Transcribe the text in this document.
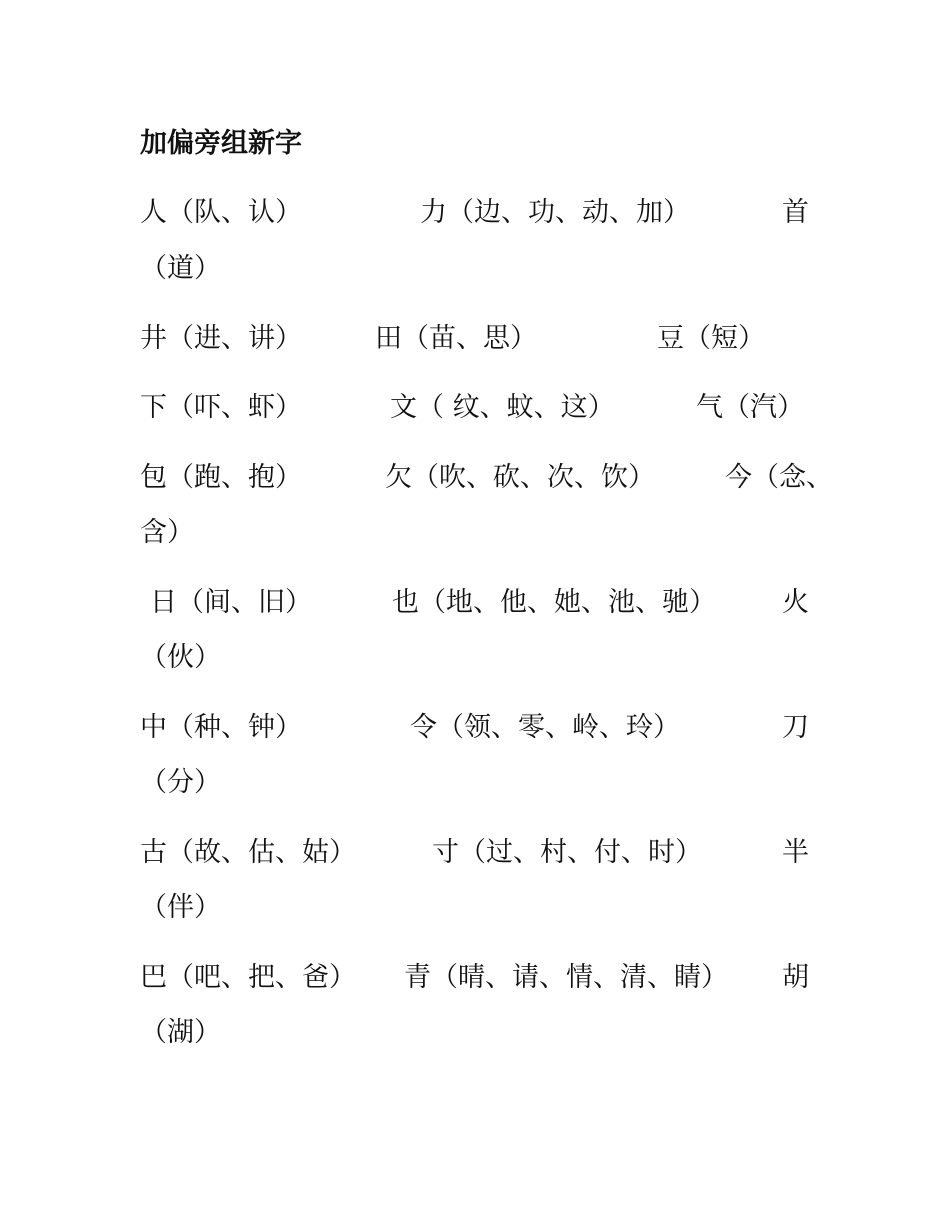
加偏旁组新字
人（队、认）	力（边、功、动、加）	首
（道）
井（进、讲）	田（苗、思）	豆（短）
下（吓、虾）	文（ 纹、蚊、这）	气（汽）
包（跑、抱）	欠（吹、砍、次、饮）	今（念、
含）
日（间、旧）	也（地、他、她、池、驰） 火
（伙）
中（种、钟）	令（领、零、岭、玲）	刀
（分）
古（故、估、姑）	寸（过、村、付、时）	半
（伴）
巴（吧、把、爸） 青（晴、请、情、清、睛） 胡
（湖）
